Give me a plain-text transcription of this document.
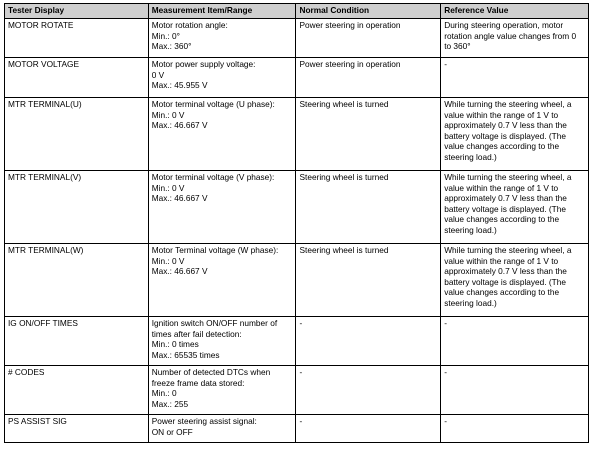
Tester Display	Measurement Item/Range	Normal Condition	Reference Value
MOTOR ROTATE	Motor rotation angle:
Min.: 0°
Max.: 360°	Power steering in operation	During steering operation, motor rotation angle value changes from 0 to 360°
MOTOR VOLTAGE	Motor power supply voltage:
0 V
Max.: 45.955 V	Power steering in operation	-
MTR TERMINAL(U)	Motor terminal voltage (U phase):
Min.: 0 V
Max.: 46.667 V	Steering wheel is turned	While turning the steering wheel, a value within the range of 1 V to approximately 0.7 V less than the battery voltage is displayed. (The value changes according to the steering load.)
MTR TERMINAL(V)	Motor terminal voltage (V phase):
Min.: 0 V
Max.: 46.667 V	Steering wheel is turned	While turning the steering wheel, a value within the range of 1 V to approximately 0.7 V less than the battery voltage is displayed. (The value changes according to the steering load.)
MTR TERMINAL(W)	Motor Terminal voltage (W phase):
Min.: 0 V
Max.: 46.667 V	Steering wheel is turned	While turning the steering wheel, a value within the range of 1 V to approximately 0.7 V less than the battery voltage is displayed. (The value changes according to the steering load.)
IG ON/OFF TIMES	Ignition switch ON/OFF number of times after fail detection:
Min.: 0 times
Max.: 65535 times	-	-
# CODES	Number of detected DTCs when freeze frame data stored:
Min.: 0
Max.: 255	-	-
PS ASSIST SIG	Power steering assist signal:
ON or OFF	-	-
